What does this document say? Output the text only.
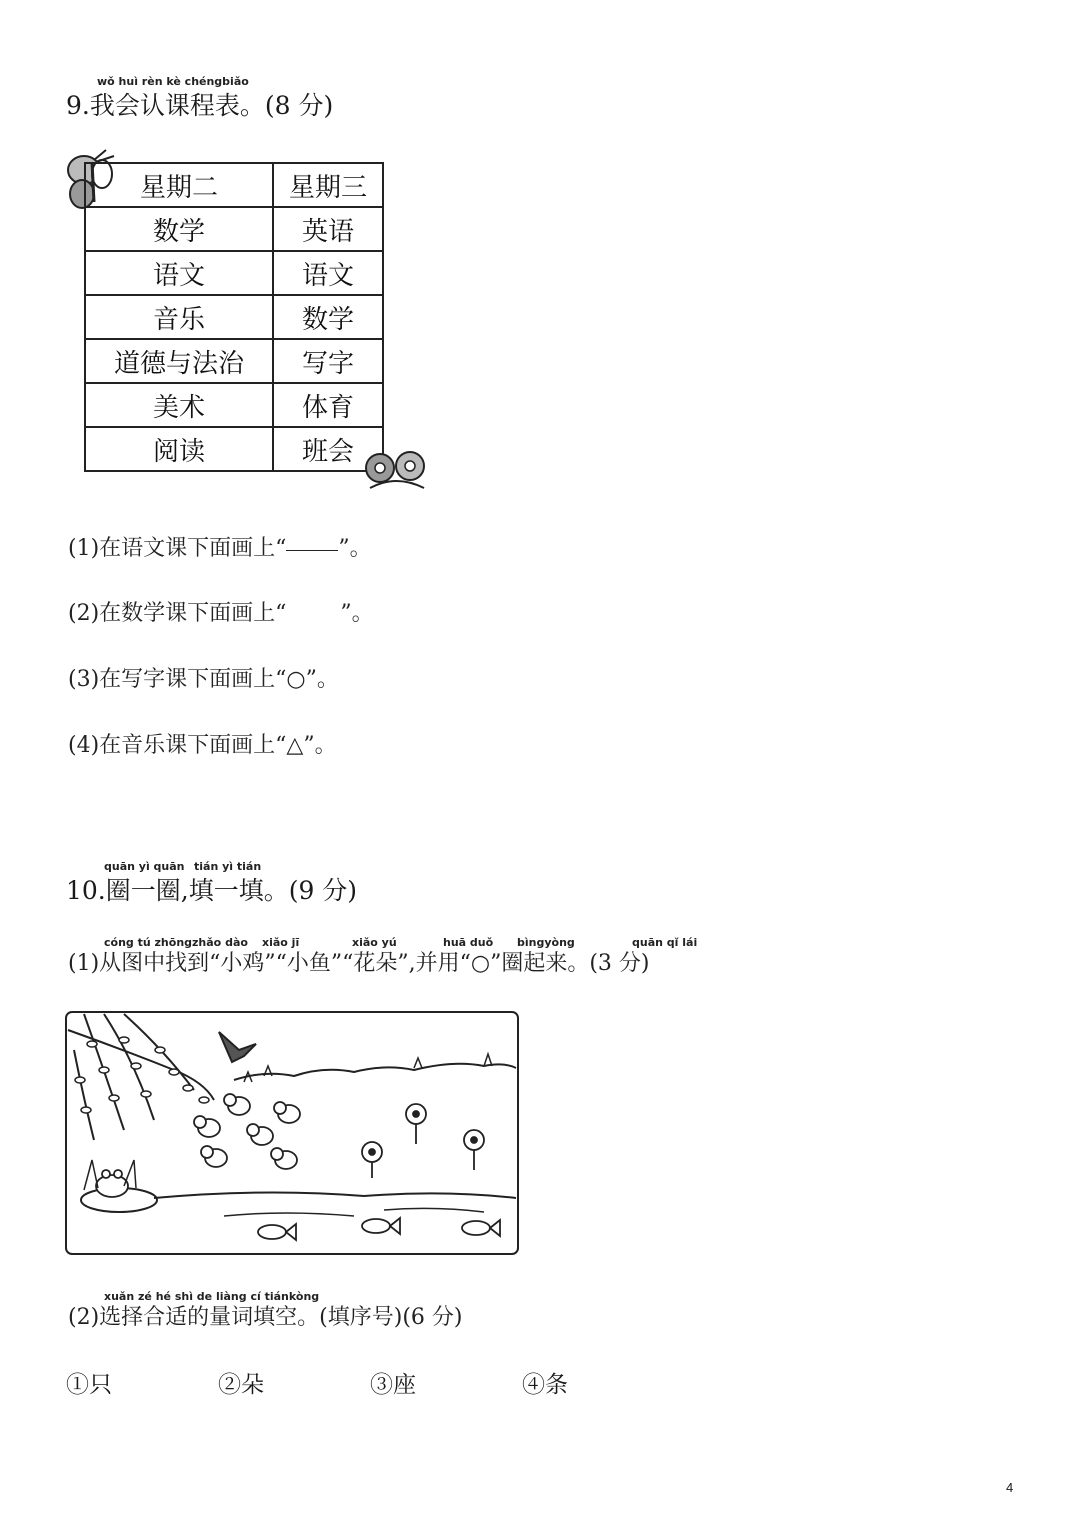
wǒ huì rèn kè chéngbiǎo
9.我会认课程表。(8 分)
星期二	星期三
数学	英语
语文	语文
音乐	数学
道德与法治	写字
美术	体育
阅读	班会
(1)在语文课下面画上“ ”。
(2)在数学课下面画上“ ”。
(3)在写字课下面画上“○”。
(4)在音乐课下面画上“△”。
quān yì quān tián yì tián
10.圈一圈,填一填。(9 分)
cóng tú zhōngzhǎo dào xiǎo jī	xiǎo yú	huā duǒ bìngyòng	quān qǐ lái
(1)从图中找到“小鸡”“小鱼”“花朵”,并用“○”圈起来。(3 分)
xuǎn zé hé shì de liàng cí tiánkòng
(2)选择合适的量词填空。(填序号)(6 分)
①只	②朵	③座	④条
4
